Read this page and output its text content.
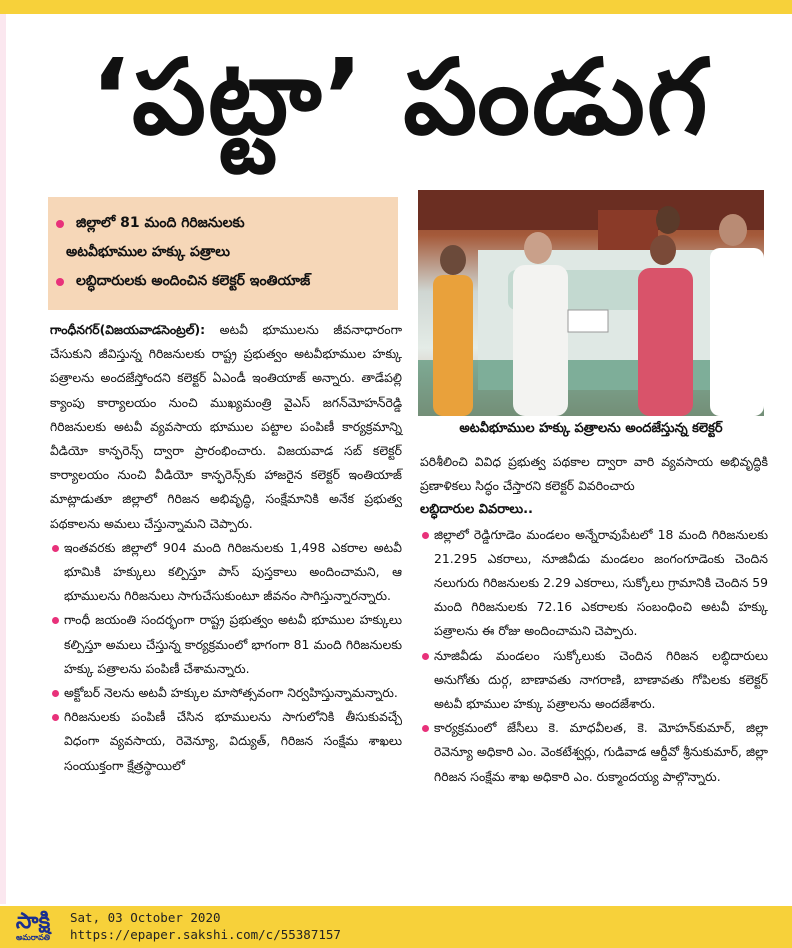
‘పట్టా’ పండుగ
జిల్లాలో 81 మంది గిరిజనులకు
అటవీభూముల హక్కు పత్రాలు
లబ్ధిదారులకు అందించిన కలెక్టర్ ఇంతియాజ్
అటవీభూముల హక్కు పత్రాలను అందజేస్తున్న కలెక్టర్

గాంధీనగర్(విజయవాడసెంట్రల్): అటవీ భూములను జీవనాధారంగా చేసుకుని జీవిస్తున్న గిరిజనులకు రాష్ట్ర ప్రభుత్వం అటవీభూముల హక్కు పత్రాలను అందజేస్తోందని కలెక్టర్ ఏఎండీ ఇంతియాజ్ అన్నారు. తాడేపల్లి క్యాంపు కార్యాలయం నుంచి ముఖ్యమంత్రి వైఎస్ జగన్‌మోహన్‌రెడ్డి గిరిజనులకు అటవీ వ్యవసాయ భూముల పట్టాల పంపిణీ కార్యక్రమాన్ని వీడియో కాన్ఫరెన్స్ ద్వారా ప్రారంభించారు. విజయవాడ సబ్ కలెక్టర్ కార్యాలయం నుంచి వీడియో కాన్ఫరెన్స్‌కు హాజరైన కలెక్టర్ ఇంతియాజ్ మాట్లాడుతూ జిల్లాలో గిరిజన అభివృద్ధి, సంక్షేమానికి అనేక ప్రభుత్వ పథకాలను అమలు చేస్తున్నామని చెప్పారు.

ఇంతవరకు జిల్లాలో 904 మంది గిరిజనులకు 1,498 ఎకరాల అటవీ భూమికి హక్కులు కల్పిస్తూ పాస్ పుస్తకాలు అందించామని, ఆ భూములను గిరిజనులు సాగుచేసుకుంటూ జీవనం సాగిస్తున్నారన్నారు.

గాంధీ జయంతి సందర్భంగా రాష్ట్ర ప్రభుత్వం అటవీ భూముల హక్కులు కల్పిస్తూ అమలు చేస్తున్న కార్యక్రమంలో భాగంగా 81 మంది గిరిజనులకు హక్కు పత్రాలను పంపిణీ చేశామన్నారు.

అక్టోబర్ నెలను అటవీ హక్కుల మాసోత్సవంగా నిర్వహిస్తున్నామన్నారు.

గిరిజనులకు పంపిణీ చేసిన భూములను సాగులోనికి తీసుకువచ్చే విధంగా వ్యవసాయ, రెవెన్యూ, విద్యుత్, గిరిజన సంక్షేమ శాఖలు సంయుక్తంగా క్షేత్రస్థాయిలో

పరిశీలించి వివిధ ప్రభుత్వ పథకాల ద్వారా వారి వ్యవసాయ అభివృద్ధికి ప్రణాళికలు సిద్ధం చేస్తారని కలెక్టర్ వివరించారు

లబ్ధిదారుల వివరాలు..

జిల్లాలో రెడ్డిగూడెం మండలం అన్నేరావుపేటలో 18 మంది గిరిజనులకు 21.295 ఎకరాలు, నూజివీడు మండలం జంగంగూడెంకు చెందిన నలుగురు గిరిజనులకు 2.29 ఎకరాలు, సుక్కోలు గ్రామానికి చెందిన 59 మంది గిరిజనులకు 72.16 ఎకరాలకు సంబంధించి అటవీ హక్కు పత్రాలను ఈ రోజు అందించామని చెప్పారు.

నూజివీడు మండలం సుక్కోలుకు చెందిన గిరిజన లబ్ధిదారులు అనుగోతు దుర్గ, బాణావతు నాగరాణి, బాణావతు గోపిలకు కలెక్టర్ అటవీ భూముల హక్కు పత్రాలను అందజేశారు.

కార్యక్రమంలో జేసీలు కె. మాధవీలత, కె. మోహన్‌కుమార్, జిల్లా రెవెన్యూ అధికారి ఎం. వెంకటేశ్వర్లు, గుడివాడ ఆర్డీవో శ్రీనుకుమార్, జిల్లా గిరిజన సంక్షేమ శాఖ అధికారి ఎం. రుక్మాందయ్య పాల్గొన్నారు.

సాక్షి
అమరావతి
Sat, 03 October 2020
https://epaper.sakshi.com/c/55387157
